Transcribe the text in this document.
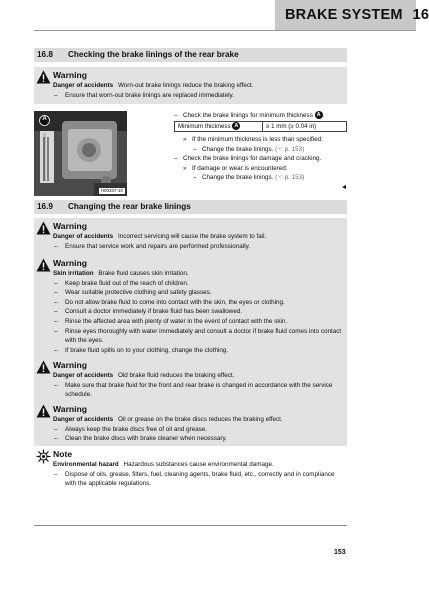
BRAKE SYSTEM 16
16.8 Checking the brake linings of the rear brake
Warning
Danger of accidents Worn-out brake linings reduce the braking effect.
–	Ensure that worn-out brake linings are replaced immediately.
A
H00337-10
– Check the brake linings for minimum thickness A .
Minimum thickness A	≥ 1 mm (≥ 0.04 in)
» If the minimum thickness is less than specified:
– Change the brake linings. (☜ p. 153)
– Check the brake linings for damage and cracking.
» If damage or wear is encountered:
– Change the brake linings. (☜ p. 153)
16.9 Changing the rear brake linings
Warning
Danger of accidents Incorrect servicing will cause the brake system to fail.
–	Ensure that service work and repairs are performed professionally.
Warning
Skin irritation Brake fluid causes skin irritation.
–	Keep brake fluid out of the reach of children.
–	Wear suitable protective clothing and safety glasses.
–	Do not allow brake fluid to come into contact with the skin, the eyes or clothing.
–	Consult a doctor immediately if brake fluid has been swallowed.
–	Rinse the affected area with plenty of water in the event of contact with the skin.
–	Rinse eyes thoroughly with water immediately and consult a doctor if brake fluid comes into contact
with the eyes.
–	If brake fluid spills on to your clothing, change the clothing.
Warning
Danger of accidents Old brake fluid reduces the braking effect.
–	Make sure that brake fluid for the front and rear brake is changed in accordance with the service
schedule.
Warning
Danger of accidents Oil or grease on the brake discs reduces the braking effect.
–	Always keep the brake discs free of oil and grease.
–	Clean the brake discs with brake cleaner when necessary.
Note
Environmental hazard Hazardous substances cause environmental damage.
–	Dispose of oils, grease, filters, fuel, cleaning agents, brake fluid, etc., correctly and in compliance
with the applicable regulations.
153
